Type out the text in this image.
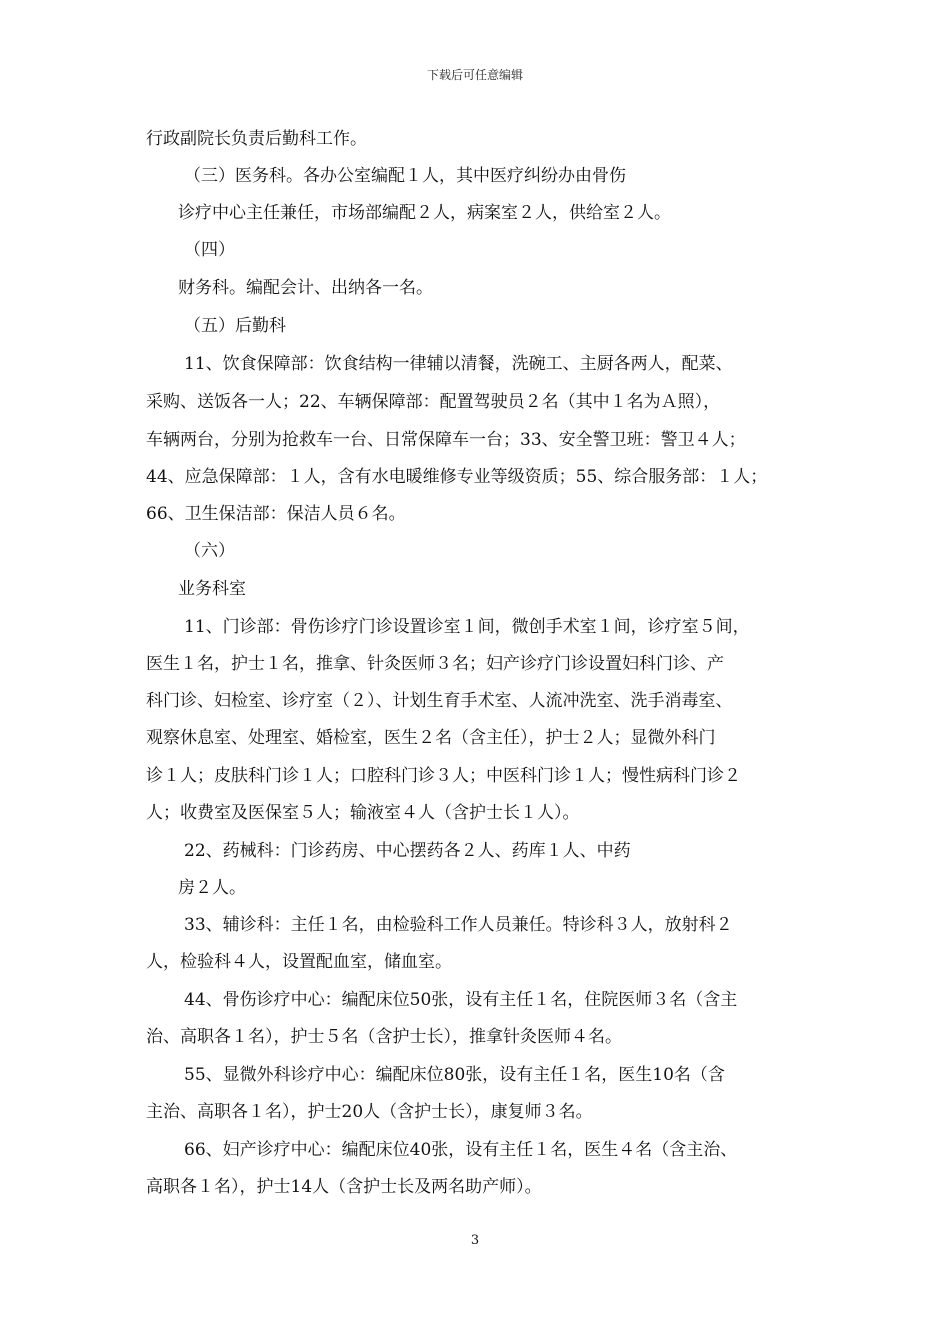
下载后可任意编辑
行政副院长负责后勤科工作。
（三）医务科。各办公室编配１人，其中医疗纠纷办由骨伤
诊疗中心主任兼任，市场部编配２人，病案室２人，供给室２人。
（四）
财务科。编配会计、出纳各一名。
（五）后勤科
11、饮食保障部：饮食结构一律辅以清餐，洗碗工、主厨各两人，配菜、
采购、送饭各一人；22、车辆保障部：配置驾驶员２名（其中１名为Ａ照），
车辆两台，分别为抢救车一台、日常保障车一台；33、安全警卫班：警卫４人；
44、应急保障部：１人，含有水电暖维修专业等级资质；55、综合服务部：１人；
66、卫生保洁部：保洁人员６名。
（六）
业务科室
11、门诊部：骨伤诊疗门诊设置诊室１间，微创手术室１间，诊疗室５间，
医生１名，护士１名，推拿、针灸医师３名；妇产诊疗门诊设置妇科门诊、产
科门诊、妇检室、诊疗室（２）、计划生育手术室、人流冲洗室、洗手消毒室、
观察休息室、处理室、婚检室，医生２名（含主任），护士２人；显微外科门
诊１人；皮肤科门诊１人；口腔科门诊３人；中医科门诊１人；慢性病科门诊２
人；收费室及医保室５人；输液室４人（含护士长１人）。
22、药械科：门诊药房、中心摆药各２人、药库１人、中药
房２人。
33、辅诊科：主任１名，由检验科工作人员兼任。特诊科３人，放射科２
人，检验科４人，设置配血室，储血室。
44、骨伤诊疗中心：编配床位50张，设有主任１名，住院医师３名（含主
治、高职各１名），护士５名（含护士长），推拿针灸医师４名。
55、显微外科诊疗中心：编配床位80张，设有主任１名，医生10名（含
主治、高职各１名），护士20人（含护士长），康复师３名。
66、妇产诊疗中心：编配床位40张，设有主任１名，医生４名（含主治、
高职各１名），护士14人（含护士长及两名助产师）。
3
